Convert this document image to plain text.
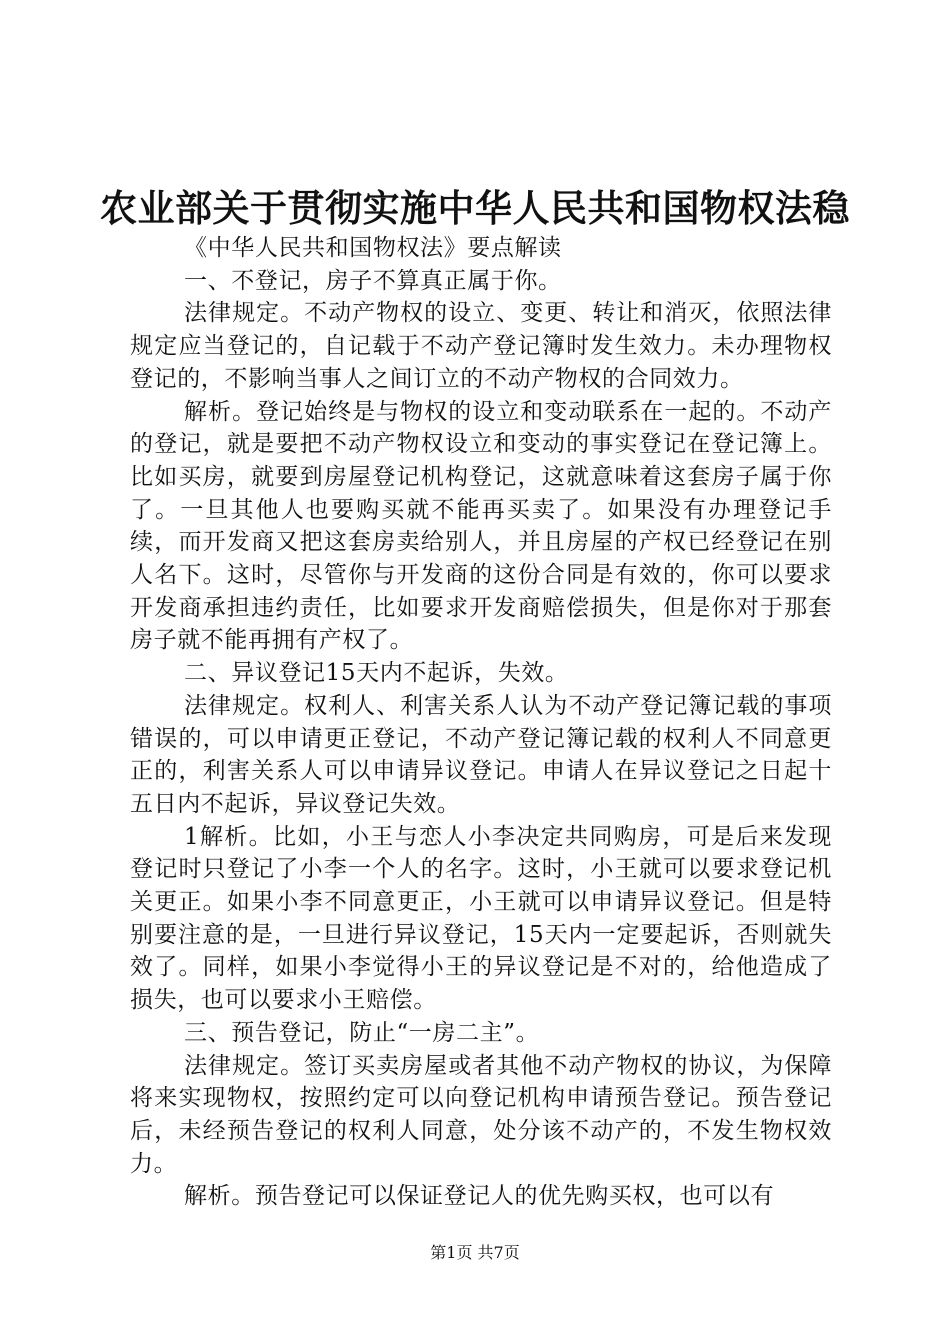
农业部关于贯彻实施中华人民共和国物权法稳

《中华人民共和国物权法》要点解读

一、不登记，房子不算真正属于你。

法律规定。不动产物权的设立、变更、转让和消灭，依照法律规定应当登记的，自记载于不动产登记簿时发生效力。未办理物权登记的，不影响当事人之间订立的不动产物权的合同效力。

解析。登记始终是与物权的设立和变动联系在一起的。不动产的登记，就是要把不动产物权设立和变动的事实登记在登记簿上。比如买房，就要到房屋登记机构登记，这就意味着这套房子属于你了。一旦其他人也要购买就不能再买卖了。如果没有办理登记手续，而开发商又把这套房卖给别人，并且房屋的产权已经登记在别人名下。这时，尽管你与开发商的这份合同是有效的，你可以要求开发商承担违约责任，比如要求开发商赔偿损失，但是你对于那套房子就不能再拥有产权了。

二、异议登记15天内不起诉，失效。

法律规定。权利人、利害关系人认为不动产登记簿记载的事项错误的，可以申请更正登记，不动产登记簿记载的权利人不同意更正的，利害关系人可以申请异议登记。申请人在异议登记之日起十五日内不起诉，异议登记失效。

1解析。比如，小王与恋人小李决定共同购房，可是后来发现登记时只登记了小李一个人的名字。这时，小王就可以要求登记机关更正。如果小李不同意更正，小王就可以申请异议登记。但是特别要注意的是，一旦进行异议登记，15天内一定要起诉，否则就失效了。同样，如果小李觉得小王的异议登记是不对的，给他造成了损失，也可以要求小王赔偿。

三、预告登记，防止“一房二主”。

法律规定。签订买卖房屋或者其他不动产物权的协议，为保障将来实现物权，按照约定可以向登记机构申请预告登记。预告登记后，未经预告登记的权利人同意，处分该不动产的，不发生物权效力。

解析。预告登记可以保证登记人的优先购买权，也可以有

第1页 共7页
